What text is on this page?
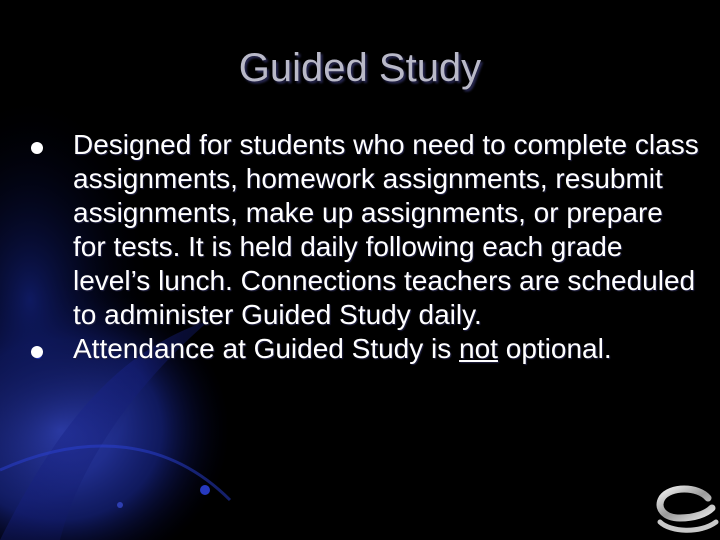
Guided Study
Designed for students who need to complete class assignments, homework assignments, resubmit assignments, make up assignments, or prepare for tests. It is held daily following each grade level’s lunch. Connections teachers are scheduled to administer Guided Study daily.
Attendance at Guided Study is not optional.
